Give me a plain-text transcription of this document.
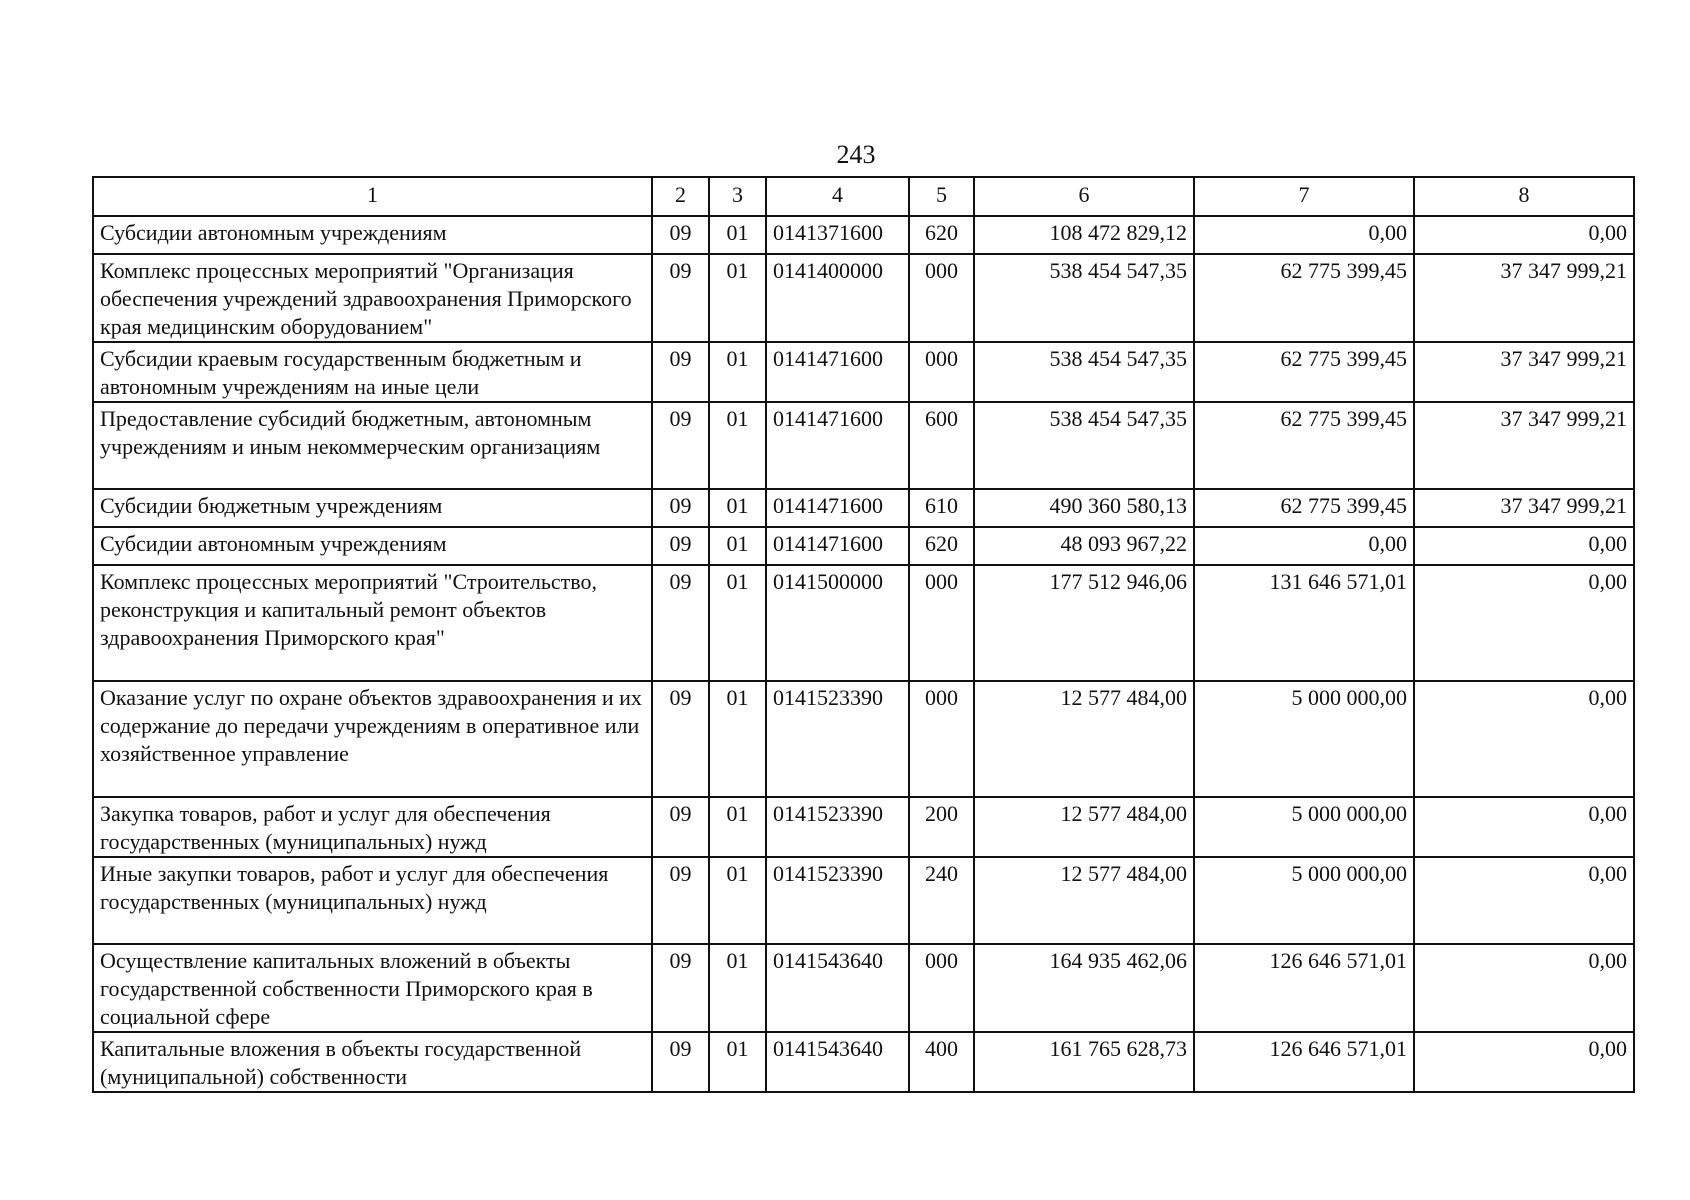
243
1	2	3	4	5	6	7	8
Субсидии автономным учреждениям	09	01	0141371600	620	108 472 829,12	0,00	0,00
Комплекс процессных мероприятий "Организация обеспечения учреждений здравоохранения Приморского края медицинским оборудованием"	09	01	0141400000	000	538 454 547,35	62 775 399,45	37 347 999,21
Субсидии краевым государственным бюджетным и автономным учреждениям на иные цели	09	01	0141471600	000	538 454 547,35	62 775 399,45	37 347 999,21
Предоставление субсидий бюджетным, автономным учреждениям и иным некоммерческим организациям	09	01	0141471600	600	538 454 547,35	62 775 399,45	37 347 999,21
Субсидии бюджетным учреждениям	09	01	0141471600	610	490 360 580,13	62 775 399,45	37 347 999,21
Субсидии автономным учреждениям	09	01	0141471600	620	48 093 967,22	0,00	0,00
Комплекс процессных мероприятий "Строительство, реконструкция и капитальный ремонт объектов здравоохранения Приморского края"	09	01	0141500000	000	177 512 946,06	131 646 571,01	0,00
Оказание услуг по охране объектов здравоохранения и их содержание до передачи учреждениям в оперативное или хозяйственное управление	09	01	0141523390	000	12 577 484,00	5 000 000,00	0,00
Закупка товаров, работ и услуг для обеспечения государственных (муниципальных) нужд	09	01	0141523390	200	12 577 484,00	5 000 000,00	0,00
Иные закупки товаров, работ и услуг для обеспечения государственных (муниципальных) нужд	09	01	0141523390	240	12 577 484,00	5 000 000,00	0,00
Осуществление капитальных вложений в объекты государственной собственности Приморского края в социальной сфере	09	01	0141543640	000	164 935 462,06	126 646 571,01	0,00
Капитальные вложения в объекты государственной (муниципальной) собственности	09	01	0141543640	400	161 765 628,73	126 646 571,01	0,00
